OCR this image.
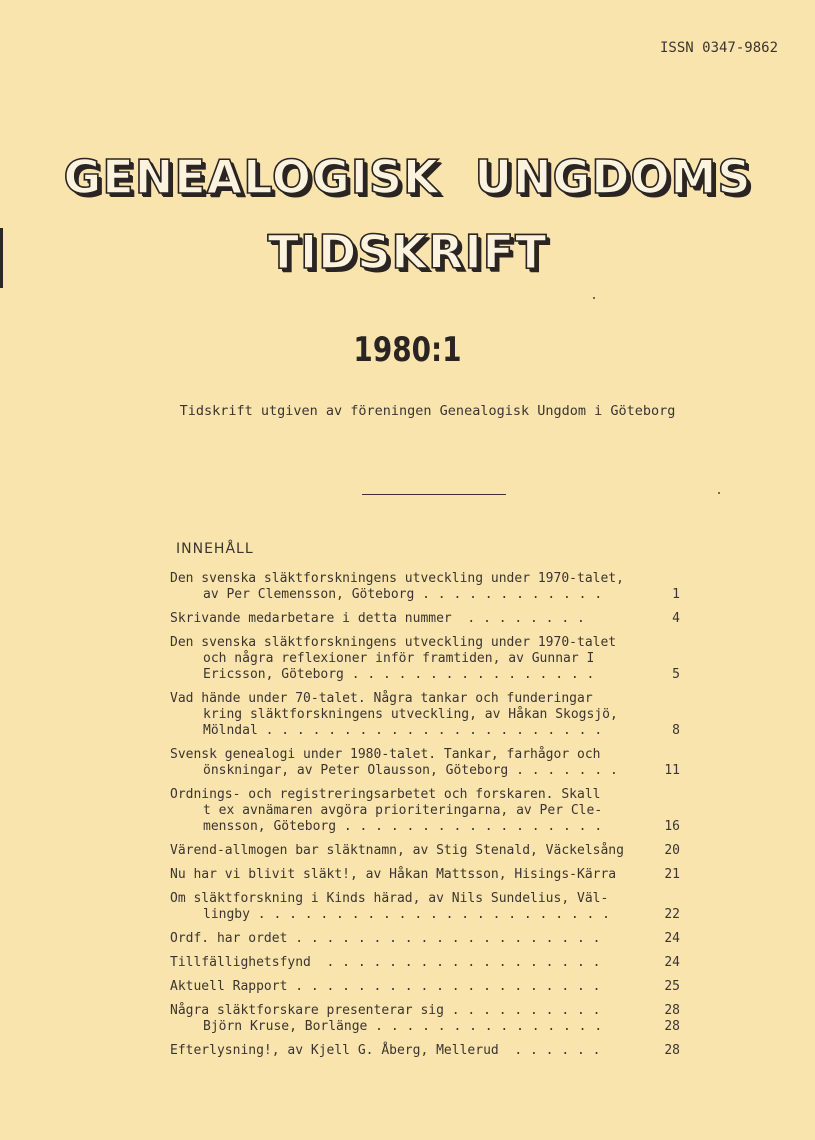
ISSN 0347-9862
GENEALOGISK UNGDOMS
TIDSKRIFT
1980:1
Tidskrift utgiven av föreningen Genealogisk Ungdom i Göteborg
INNEHÅLL
Den svenska släktforskningens utveckling under 1970-talet,
av Per Clemensson, Göteborg . . . . . . . . . . . .	1
Skrivande medarbetare i detta nummer  . . . . . . . .	4
Den svenska släktforskningens utveckling under 1970-talet
och några reflexioner inför framtiden, av Gunnar I
Ericsson, Göteborg . . . . . . . . . . . . . . . .	5
Vad hände under 70-talet. Några tankar och funderingar
kring släktforskningens utveckling, av Håkan Skogsjö,
Mölndal . . . . . . . . . . . . . . . . . . . . . .	8
Svensk genealogi under 1980-talet. Tankar, farhågor och
önskningar, av Peter Olausson, Göteborg . . . . . . .	11
Ordnings- och registreringsarbetet och forskaren. Skall
t ex avnämaren avgöra prioriteringarna, av Per Cle-
mensson, Göteborg . . . . . . . . . . . . . . . . .	16
Värend-allmogen bar släktnamn, av Stig Stenald, Väckelsång	20
Nu har vi blivit släkt!, av Håkan Mattsson, Hisings-Kärra	21
Om släktforskning i Kinds härad, av Nils Sundelius, Väl-
lingby . . . . . . . . . . . . . . . . . . . . . . .	22
Ordf. har ordet . . . . . . . . . . . . . . . . . . . .	24
Tillfällighetsfynd  . . . . . . . . . . . . . . . . . .	24
Aktuell Rapport . . . . . . . . . . . . . . . . . . . .	25
Några släktforskare presenterar sig . . . . . . . . . .	28
Björn Kruse, Borlänge . . . . . . . . . . . . . . .	28
Efterlysning!, av Kjell G. Åberg, Mellerud  . . . . . .	28
